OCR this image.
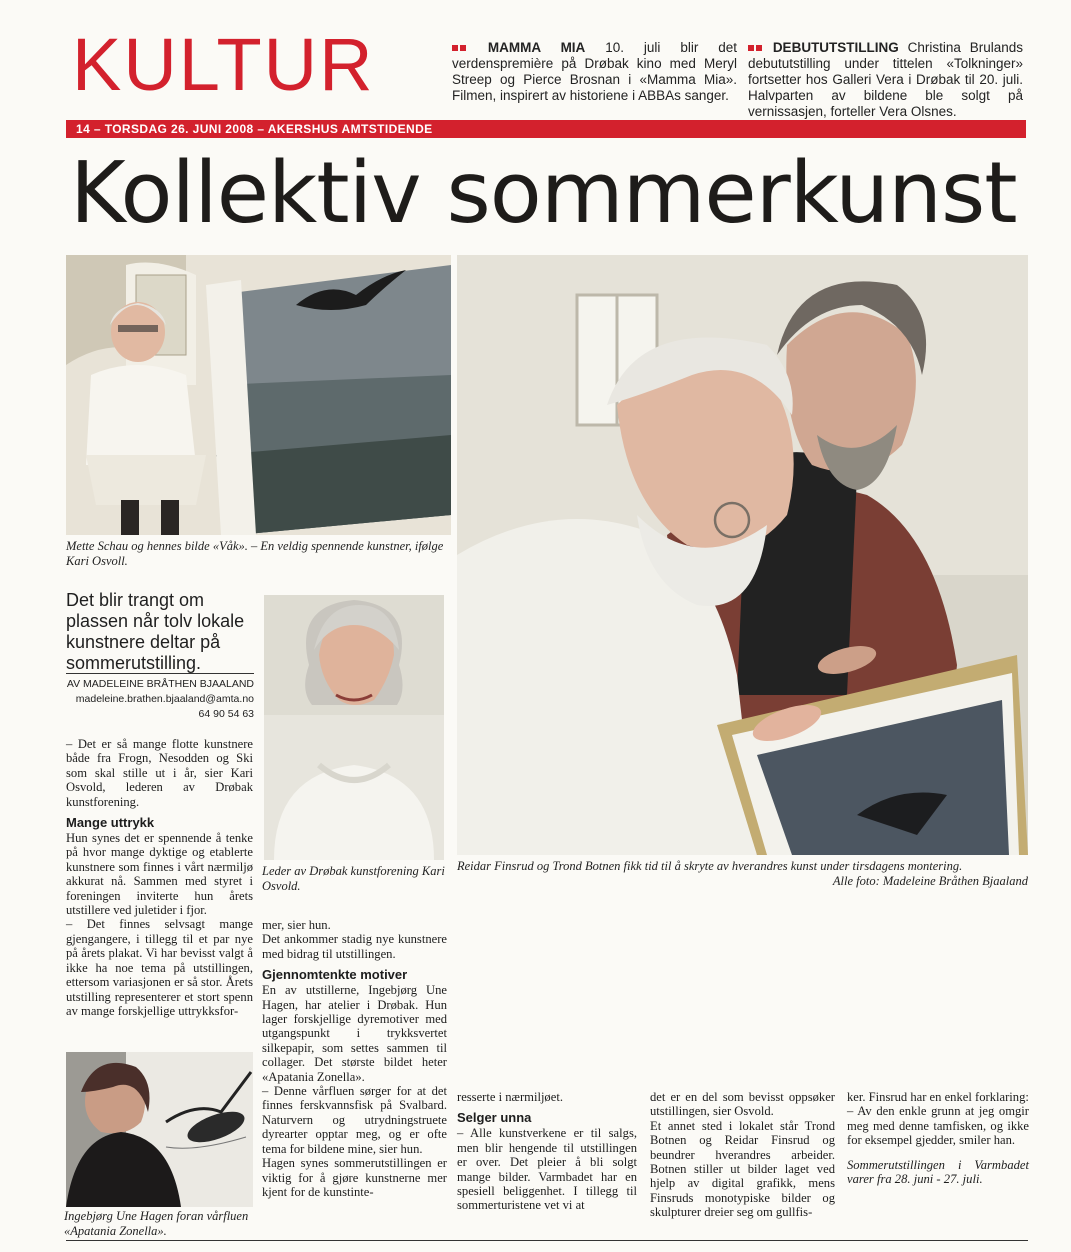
KULTUR	MAMMA MIA 10. juli blir det verdenspremière på Drøbak kino med Meryl Streep og Pierce Brosnan i «Mamma Mia». Filmen, inspirert av historiene i ABBAs sanger.
DEBUTUTSTILLING Christina Brulands debututstilling under tittelen «Tolkninger» fortsetter hos Galleri Vera i Drøbak til 20. juli. Halvparten av bildene ble solgt på vernissasjen, forteller Vera Olsnes.
14 – TORSDAG 26. JUNI 2008 – AKERSHUS AMTSTIDENDE
Kollektiv sommerkunst
Mette Schau og hennes bilde «Våk». – En veldig spennende kunstner, ifølge Kari Osvoll.
Det blir trangt om plassen når tolv lokale kunstnere deltar på sommerutstilling.
AV MADELEINE BRÅTHEN BJAALAND
madeleine.brathen.bjaaland@amta.no
64 90 54 63
Leder av Drøbak kunstforening Kari Osvold.
Reidar Finsrud og Trond Botnen fikk tid til å skryte av hverandres kunst under tirsdagens montering.
Alle foto: Madeleine Bråthen Bjaaland

– Det er så mange flotte kunstnere både fra Frogn, Nesodden og Ski som skal stille ut i år, sier Kari Osvold, lederen av Drøbak kunstforening.

Mange uttrykk

Hun synes det er spennende å tenke på hvor mange dyktige og etablerte kunstnere som finnes i vårt nærmiljø akkurat nå. Sammen med styret i foreningen inviterte hun årets utstillere ved juletider i fjor.

– Det finnes selvsagt mange gjengangere, i tillegg til et par nye på årets plakat. Vi har bevisst valgt å ikke ha noe tema på utstillingen, ettersom variasjonen er så stor. Årets utstilling representerer et stort spenn av mange forskjellige uttrykksfor-

Ingebjørg Une Hagen foran vårfluen «Apatania Zonella».

mer, sier hun.

Det ankommer stadig nye kunstnere med bidrag til utstillingen.

Gjennomtenkte motiver

En av utstillerne, Ingebjørg Une Hagen, har atelier i Drøbak. Hun lager forskjellige dyremotiver med utgangspunkt i trykksvertet silkepapir, som settes sammen til collager. Det største bildet heter «Apatania Zonella».

– Denne vårfluen sørger for at det finnes ferskvannsfisk på Svalbard. Naturvern og utrydningstruete dyrearter opptar meg, og er ofte tema for bildene mine, sier hun.

Hagen synes sommerutstillingen er viktig for å gjøre kunstnerne mer kjent for de kunstinte-

resserte i nærmiljøet.

Selger unna

– Alle kunstverkene er til salgs, men blir hengende til utstillingen er over. Det pleier å bli solgt mange bilder. Varmbadet har en spesiell beliggenhet. I tillegg til sommerturistene vet vi at

det er en del som bevisst oppsøker utstillingen, sier Osvold.

Et annet sted i lokalet står Trond Botnen og Reidar Finsrud og beundrer hverandres arbeider. Botnen stiller ut bilder laget ved hjelp av digital grafikk, mens Finsruds monotypiske bilder og skulpturer dreier seg om gullfis-

ker. Finsrud har en enkel forklaring:

– Av den enkle grunn at jeg omgir meg med denne tamfisken, og ikke for eksempel gjedder, smiler han.

Sommerutstillingen i Varmbadet varer fra 28. juni - 27. juli.
